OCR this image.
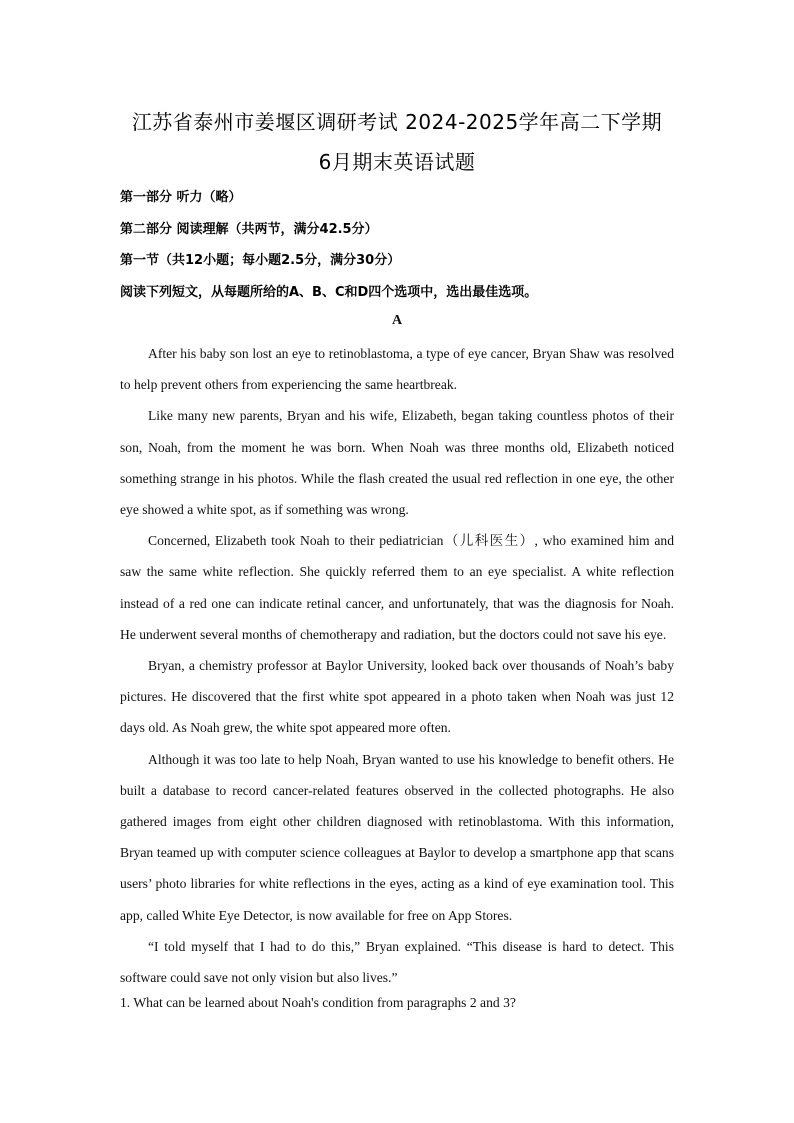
江苏省泰州市姜堰区调研考试 2024-2025学年高二下学期
6月期末英语试题
第一部分 听力（略）
第二部分 阅读理解（共两节，满分42.5分）
第一节（共12小题；每小题2.5分，满分30分）
阅读下列短文，从每题所给的A、B、C和D四个选项中，选出最佳选项。
A

After his baby son lost an eye to retinoblastoma, a type of eye cancer, Bryan Shaw was resolved to help prevent others from experiencing the same heartbreak.

Like many new parents, Bryan and his wife, Elizabeth, began taking countless photos of their son, Noah, from the moment he was born. When Noah was three months old, Elizabeth noticed something strange in his photos. While the flash created the usual red reflection in one eye, the other eye showed a white spot, as if something was wrong.

Concerned, Elizabeth took Noah to their pediatrician（儿科医生）, who examined him and saw the same white reflection. She quickly referred them to an eye specialist. A white reflection instead of a red one can indicate retinal cancer, and unfortunately, that was the diagnosis for Noah. He underwent several months of chemotherapy and radiation, but the doctors could not save his eye.

Bryan, a chemistry professor at Baylor University, looked back over thousands of Noah’s baby pictures. He discovered that the first white spot appeared in a photo taken when Noah was just 12 days old. As Noah grew, the white spot appeared more often.

Although it was too late to help Noah, Bryan wanted to use his knowledge to benefit others. He built a database to record cancer-related features observed in the collected photographs. He also gathered images from eight other children diagnosed with retinoblastoma. With this information, Bryan teamed up with computer science colleagues at Baylor to develop a smartphone app that scans users’ photo libraries for white reflections in the eyes, acting as a kind of eye examination tool. This app, called White Eye Detector, is now available for free on App Stores.

“I told myself that I had to do this,” Bryan explained. “This disease is hard to detect. This software could save not only vision but also lives.”

1. What can be learned about Noah's condition from paragraphs 2 and 3?
